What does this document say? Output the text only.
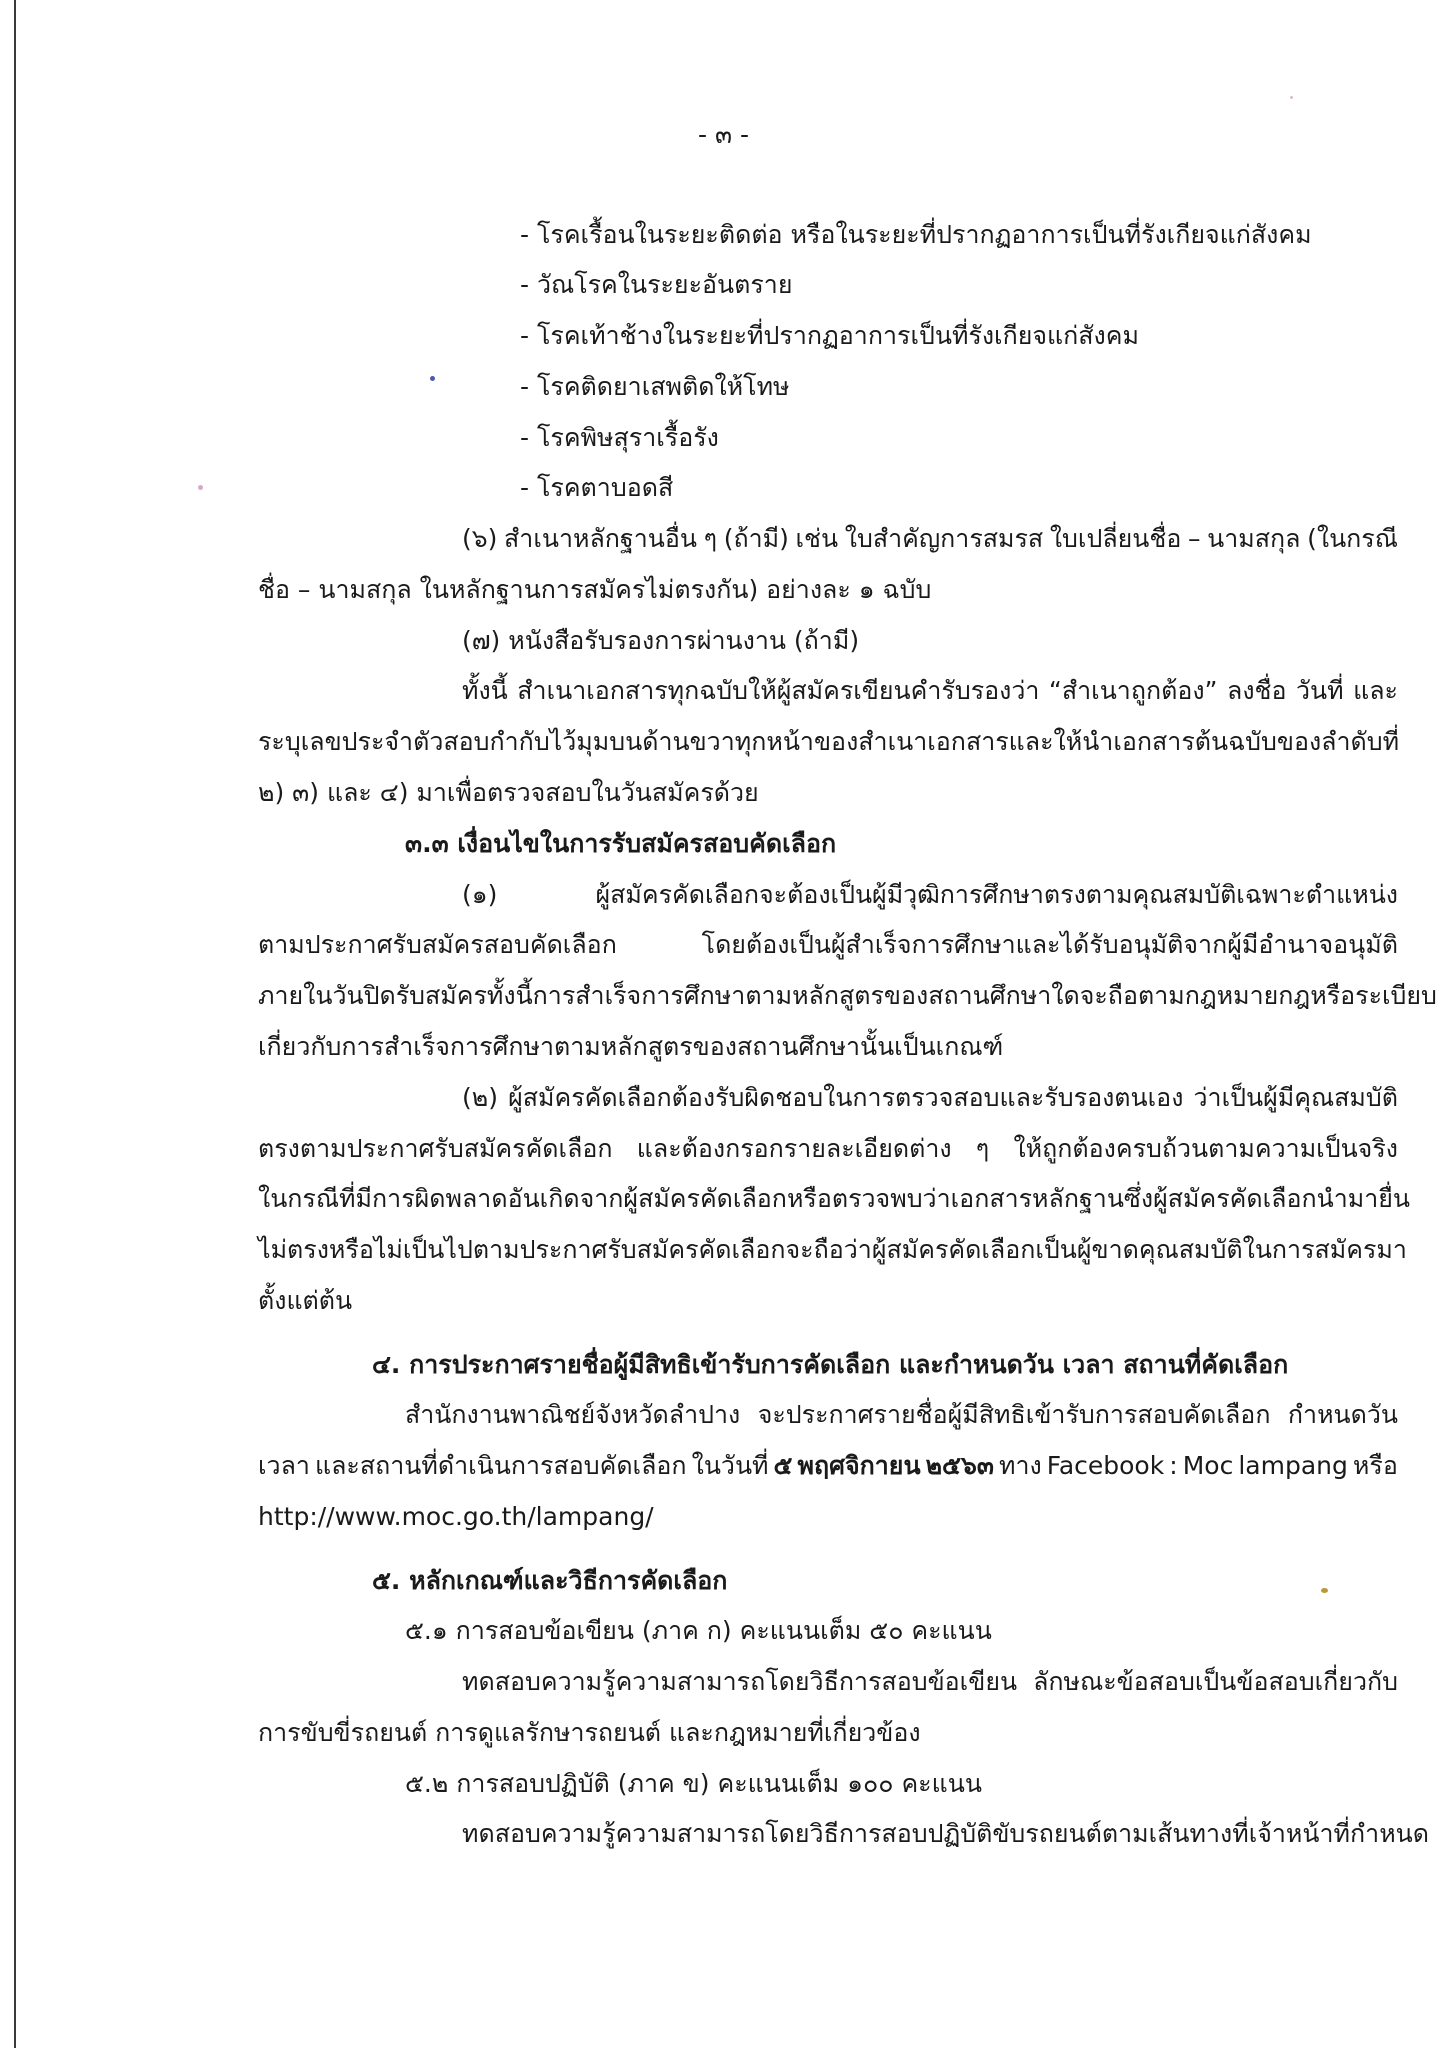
- ๓ -
- โรคเรื้อนในระยะติดต่อ หรือในระยะที่ปรากฏอาการเป็นที่รังเกียจแก่สังคม
- วัณโรคในระยะอันตราย
- โรคเท้าช้างในระยะที่ปรากฏอาการเป็นที่รังเกียจแก่สังคม
- โรคติดยาเสพติดให้โทษ
- โรคพิษสุราเรื้อรัง
- โรคตาบอดสี
(๖) สำเนาหลักฐานอื่น ๆ (ถ้ามี) เช่น ใบสำคัญการสมรส ใบเปลี่ยนชื่อ – นามสกุล (ในกรณี
ชื่อ – นามสกุล ในหลักฐานการสมัครไม่ตรงกัน) อย่างละ ๑ ฉบับ
(๗) หนังสือรับรองการผ่านงาน (ถ้ามี)
ทั้งนี้ สำเนาเอกสารทุกฉบับให้ผู้สมัครเขียนคำรับรองว่า “สำเนาถูกต้อง” ลงชื่อ วันที่ และ
ระบุเลขประจำตัวสอบกำกับไว้มุมบนด้านขวาทุกหน้าของสำเนาเอกสาร และให้นำเอกสารต้นฉบับของลำดับที่
๒) ๓) และ ๔) มาเพื่อตรวจสอบในวันสมัครด้วย
๓.๓ เงื่อนไขในการรับสมัครสอบคัดเลือก
(๑)	ผู้สมัครคัดเลือกจะต้องเป็นผู้มีวุฒิการศึกษาตรงตามคุณสมบัติเฉพาะตำแหน่ง
ตามประกาศรับสมัครสอบคัดเลือก	โดยต้องเป็นผู้สำเร็จการศึกษาและได้รับอนุมัติจากผู้มีอำนาจอนุมัติ
ภายในวันปิดรับสมัคร ทั้งนี้ การสำเร็จการศึกษาตามหลักสูตรของสถานศึกษาใด จะถือตามกฎหมาย กฎหรือระเบียบ
เกี่ยวกับการสำเร็จการศึกษาตามหลักสูตรของสถานศึกษานั้นเป็นเกณฑ์
(๒) ผู้สมัครคัดเลือกต้องรับผิดชอบในการตรวจสอบและรับรองตนเอง ว่าเป็นผู้มีคุณสมบัติ
ตรงตามประกาศรับสมัครคัดเลือก และต้องกรอกรายละเอียดต่าง ๆ ให้ถูกต้องครบถ้วนตามความเป็นจริง
ในกรณีที่มีการผิดพลาดอันเกิดจากผู้สมัครคัดเลือก หรือตรวจพบว่าเอกสารหลักฐาน ซึ่งผู้สมัครคัดเลือกนำมายื่น
ไม่ตรงหรือไม่เป็นไปตามประกาศรับสมัครคัดเลือก จะถือว่าผู้สมัครคัดเลือกเป็นผู้ขาดคุณสมบัติในการสมัครมา
ตั้งแต่ต้น
๔. การประกาศรายชื่อผู้มีสิทธิเข้ารับการคัดเลือก และกำหนดวัน เวลา สถานที่คัดเลือก
สำนักงานพาณิชย์จังหวัดลำปาง จะประกาศรายชื่อผู้มีสิทธิเข้ารับการสอบคัดเลือก กำหนดวัน
เวลา และสถานที่ดำเนินการสอบคัดเลือก ในวันที่ ๕ พฤศจิกายน ๒๕๖๓ ทาง Facebook : Moc lampang หรือ
http://www.moc.go.th/lampang/
๕. หลักเกณฑ์และวิธีการคัดเลือก
๕.๑ การสอบข้อเขียน (ภาค ก) คะแนนเต็ม ๕๐ คะแนน
ทดสอบความรู้ความสามารถโดยวิธีการสอบข้อเขียน ลักษณะข้อสอบเป็นข้อสอบเกี่ยวกับ
การขับขี่รถยนต์ การดูแลรักษารถยนต์ และกฎหมายที่เกี่ยวข้อง
๕.๒ การสอบปฏิบัติ (ภาค ข) คะแนนเต็ม ๑๐๐ คะแนน
ทดสอบความรู้ความสามารถโดยวิธีการสอบปฏิบัติขับรถยนต์ ตามเส้นทางที่เจ้าหน้าที่กำหนด
